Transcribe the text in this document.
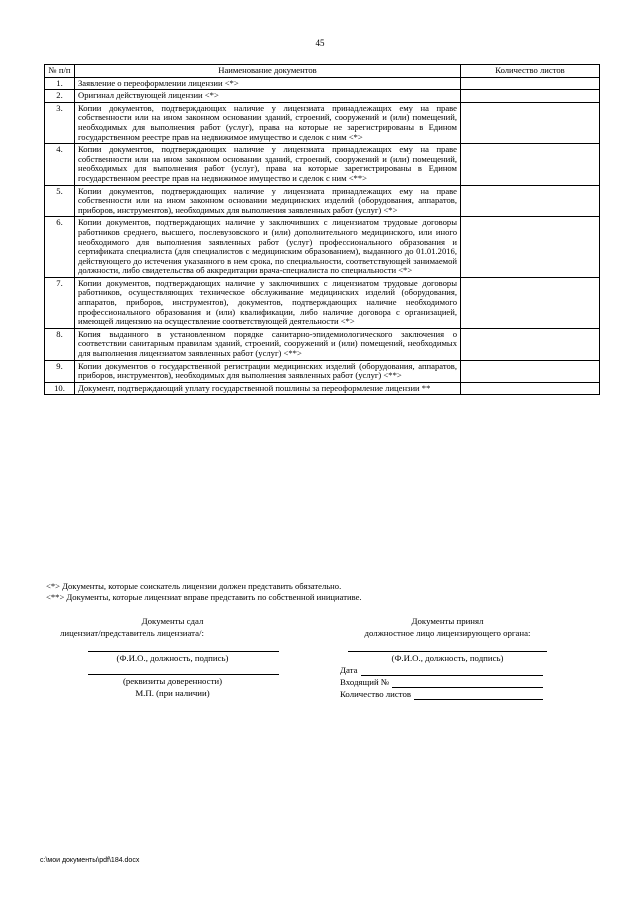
45
№ п/п	Наименование документов	Количество листов
1.	Заявление о переоформлении лицензии <*>	
2.	Оригинал действующей лицензии <*>	
3.	Копии документов, подтверждающих наличие у лицензиата принадлежащих ему на праве собственности или на ином законном основании зданий, строений, сооружений и (или) помещений, необходимых для выполнения работ (услуг), права на которые не зарегистрированы в Едином государственном реестре прав на недвижимое имущество и сделок с ним <*>	
4.	Копии документов, подтверждающих наличие у лицензиата принадлежащих ему на праве собственности или на ином законном основании зданий, строений, сооружений и (или) помещений, необходимых для выполнения работ (услуг), права на которые зарегистрированы в Едином государственном реестре прав на недвижимое имущество и сделок с ним <**>	
5.	Копии документов, подтверждающих наличие у лицензиата принадлежащих ему на праве собственности или на ином законном основании медицинских изделий (оборудования, аппаратов, приборов, инструментов), необходимых для выполнения заявленных работ (услуг) <*>	
6.	Копии документов, подтверждающих наличие у заключивших с лицензиатом трудовые договоры работников среднего, высшего, послевузовского и (или) дополнительного медицинского, или иного необходимого для выполнения заявленных работ (услуг) профессионального образования и сертификата специалиста (для специалистов с медицинским образованием), выданного до 01.01.2016, действующего до истечения указанного в нем срока, по специальности, соответствующей занимаемой должности, либо свидетельства об аккредитации врача-специалиста по специальности <*>	
7.	Копии документов, подтверждающих наличие у заключивших с лицензиатом трудовые договоры работников, осуществляющих техническое обслуживание медицинских изделий (оборудования, аппаратов, приборов, инструментов), документов, подтверждающих наличие необходимого профессионального образования и (или) квалификации, либо наличие договора с организацией, имеющей лицензию на осуществление соответствующей деятельности <*>	
8.	Копия выданного в установленном порядке санитарно-эпидемиологического заключения о соответствии санитарным правилам зданий, строений, сооружений и (или) помещений, необходимых для выполнения лицензиатом заявленных работ (услуг) <**>	
9.	Копии документов о государственной регистрации медицинских изделий (оборудования, аппаратов, приборов, инструментов), необходимых для выполнения заявленных работ (услуг) <**>	
10.	Документ, подтверждающий уплату государственной пошлины за переоформление лицензии **	
<*> Документы, которые соискатель лицензии должен представить обязательно.
<**> Документы, которые лицензиат вправе представить по собственной инициативе.
Документы сдал
лицензиат/представитель лицензиата/:
(Ф.И.О., должность, подпись)
(реквизиты доверенности)
М.П. (при наличии)
Документы принял
должностное лицо лицензирующего органа:
(Ф.И.О., должность, подпись)
Дата
Входящий №
Количество листов
c:\мои документы\pdf\184.docx
